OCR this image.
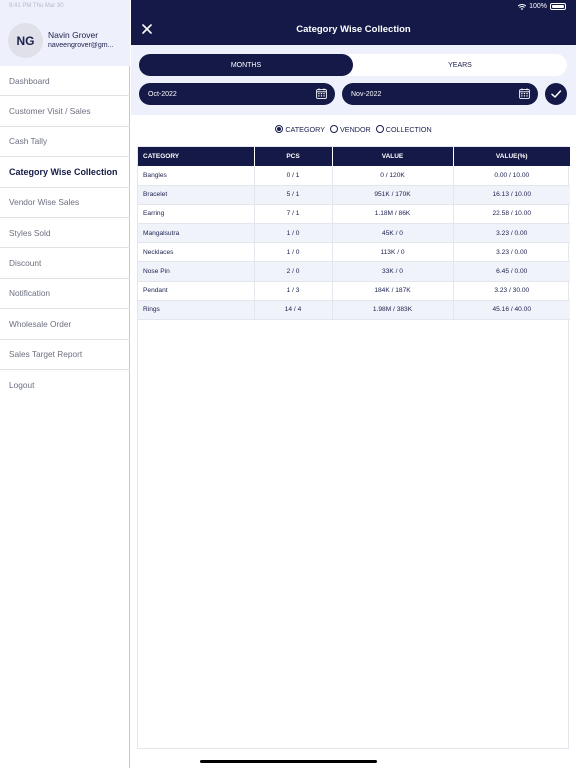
9:41 PM Thu Mar 30
NG	Navin Grover
naveengrover@gm...
Dashboard
Customer Visit / Sales
Cash Tally
Category Wise Collection
Vendor Wise Sales
Styles Sold
Discount
Notification
Wholesale Order
Sales Target Report
Logout
100%
Category Wise Collection
MONTHS	YEARS
Oct-2022	Nov-2022
CATEGORY VENDOR COLLECTION
CATEGORY	PCS	VALUE	VALUE(%)
Bangles	0 / 1	0 / 120K	0.00 / 10.00
Bracelet	5 / 1	951K / 170K	16.13 / 10.00
Earring	7 / 1	1.18M / 86K	22.58 / 10.00
Mangalsutra	1 / 0	45K / 0	3.23 / 0.00
Necklaces	1 / 0	113K / 0	3.23 / 0.00
Nose Pin	2 / 0	33K / 0	6.45 / 0.00
Pendant	1 / 3	184K / 187K	3.23 / 30.00
Rings	14 / 4	1.98M / 383K	45.16 / 40.00
